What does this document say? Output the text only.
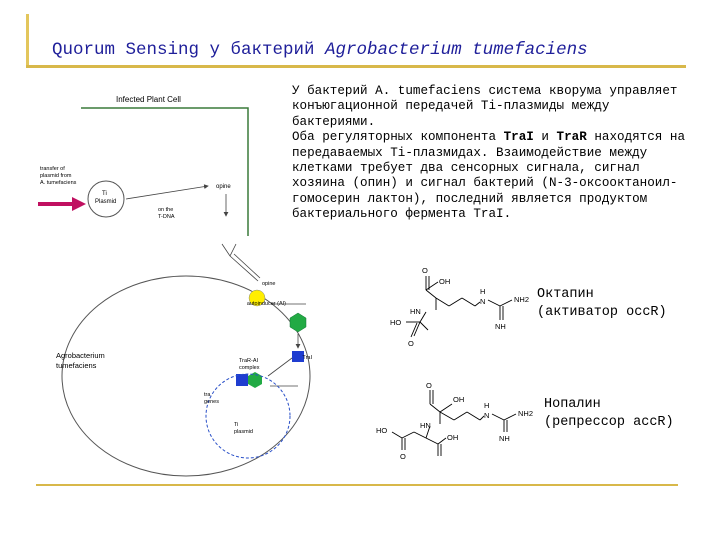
Quorum Sensing у бактерий Agrobacterium tumefaciens

У бактерий A. tumefaciens система кворума управляет конъюгационной передачей Ti-плазмиды между бактериями.

Оба регуляторных компонента TraI и TraR находятся на передаваемых Ti-плазмидах. Взаимодействие между клетками требует два сенсорных сигнала, сигнал хозяина (опин) и сигнал бактерий (N-3-оксооктаноил-гомосерин лактон), последний является продуктом бактериального фермента TraI.

Infected Plant Cell
transfer of
plasmid from
A. tumefaciens
Ti
Plasmid
opine
on the
T-DNA
Agrobacterium
tumefaciens
opine
autoinducer (AI)
TraI
TraR-AI
complex
tra
genes
Ti
plasmid
O
OH
HN
H
N	NH2
NH
HO
O
Октапин
(активатор occR)
O
OH
HN
H
N	NH2
NH
HO
OH
O
Нопалин
(репрессор accR)
